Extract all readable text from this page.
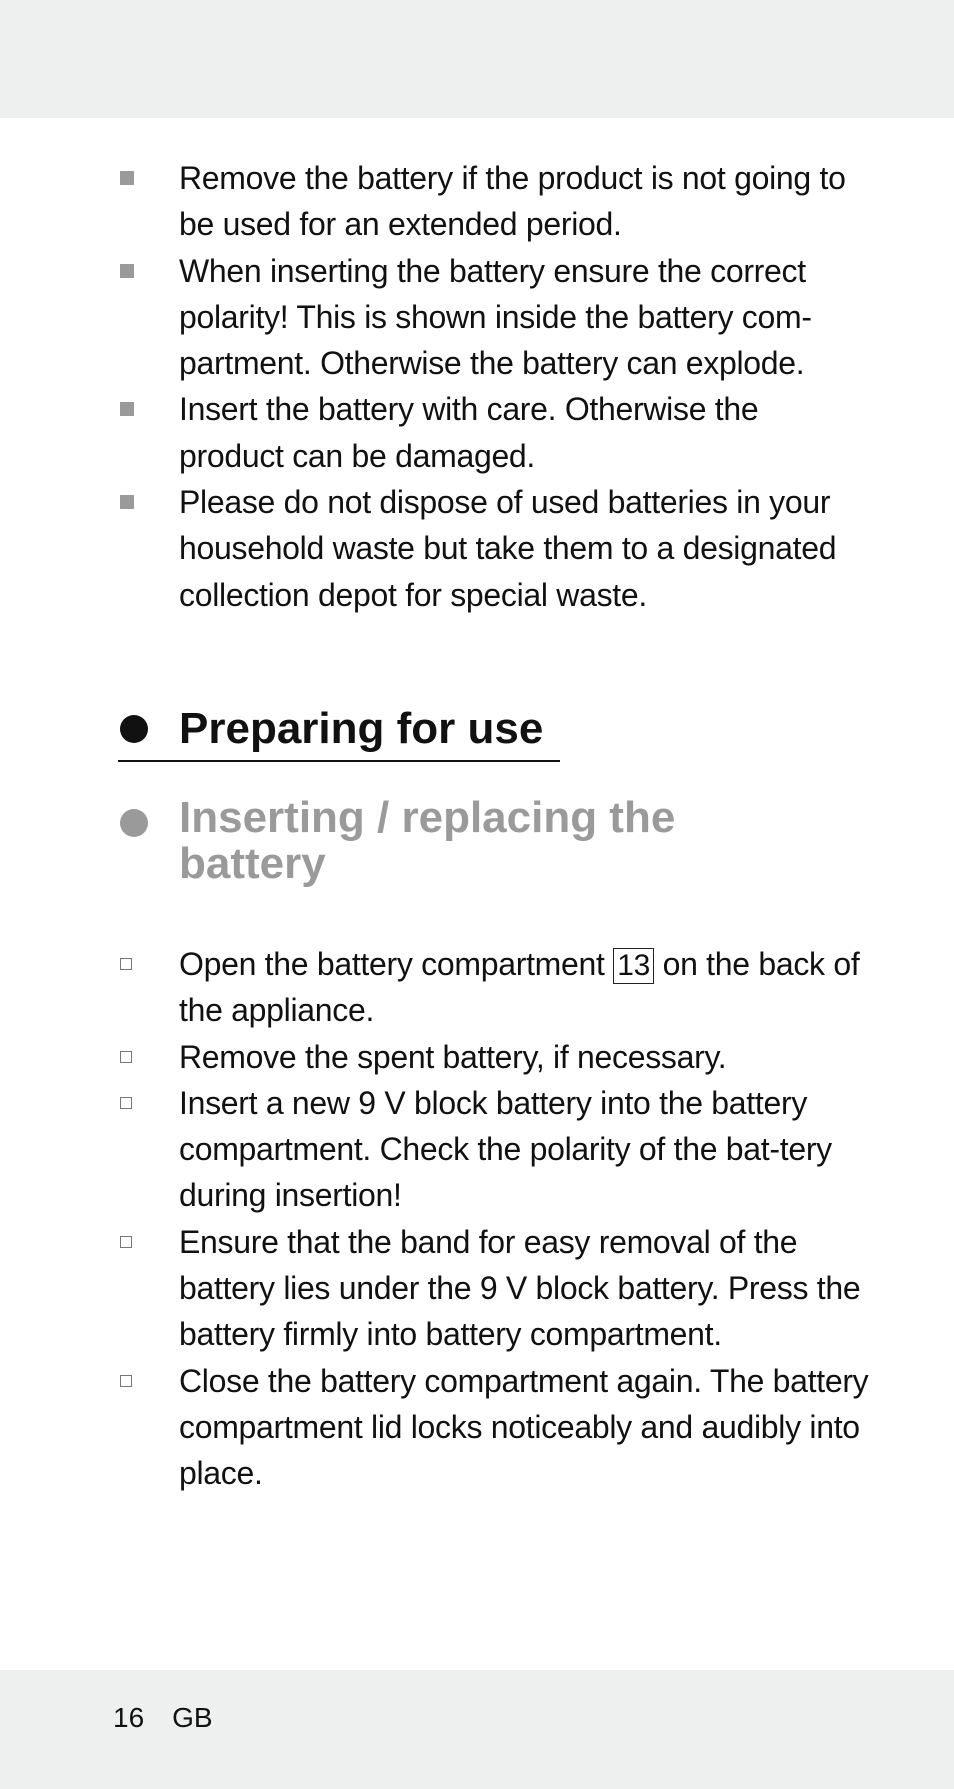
Remove the battery if the product is not going to be used for an extended period.
When inserting the battery ensure the correct polarity! This is shown inside the battery com-partment. Otherwise the battery can explode.
Insert the battery with care. Otherwise the product can be damaged.
Please do not dispose of used batteries in your household waste but take them to a designated collection depot for special waste.
Preparing for use
Inserting / replacing the battery
Open the battery compartment 13 on the back of the appliance.
Remove the spent battery, if necessary.
Insert a new 9 V block battery into the battery compartment. Check the polarity of the bat-tery during insertion!
Ensure that the band for easy removal of the battery lies under the 9 V block battery. Press the battery firmly into battery compartment.
Close the battery compartment again. The battery compartment lid locks noticeably and audibly into place.
16 GB
